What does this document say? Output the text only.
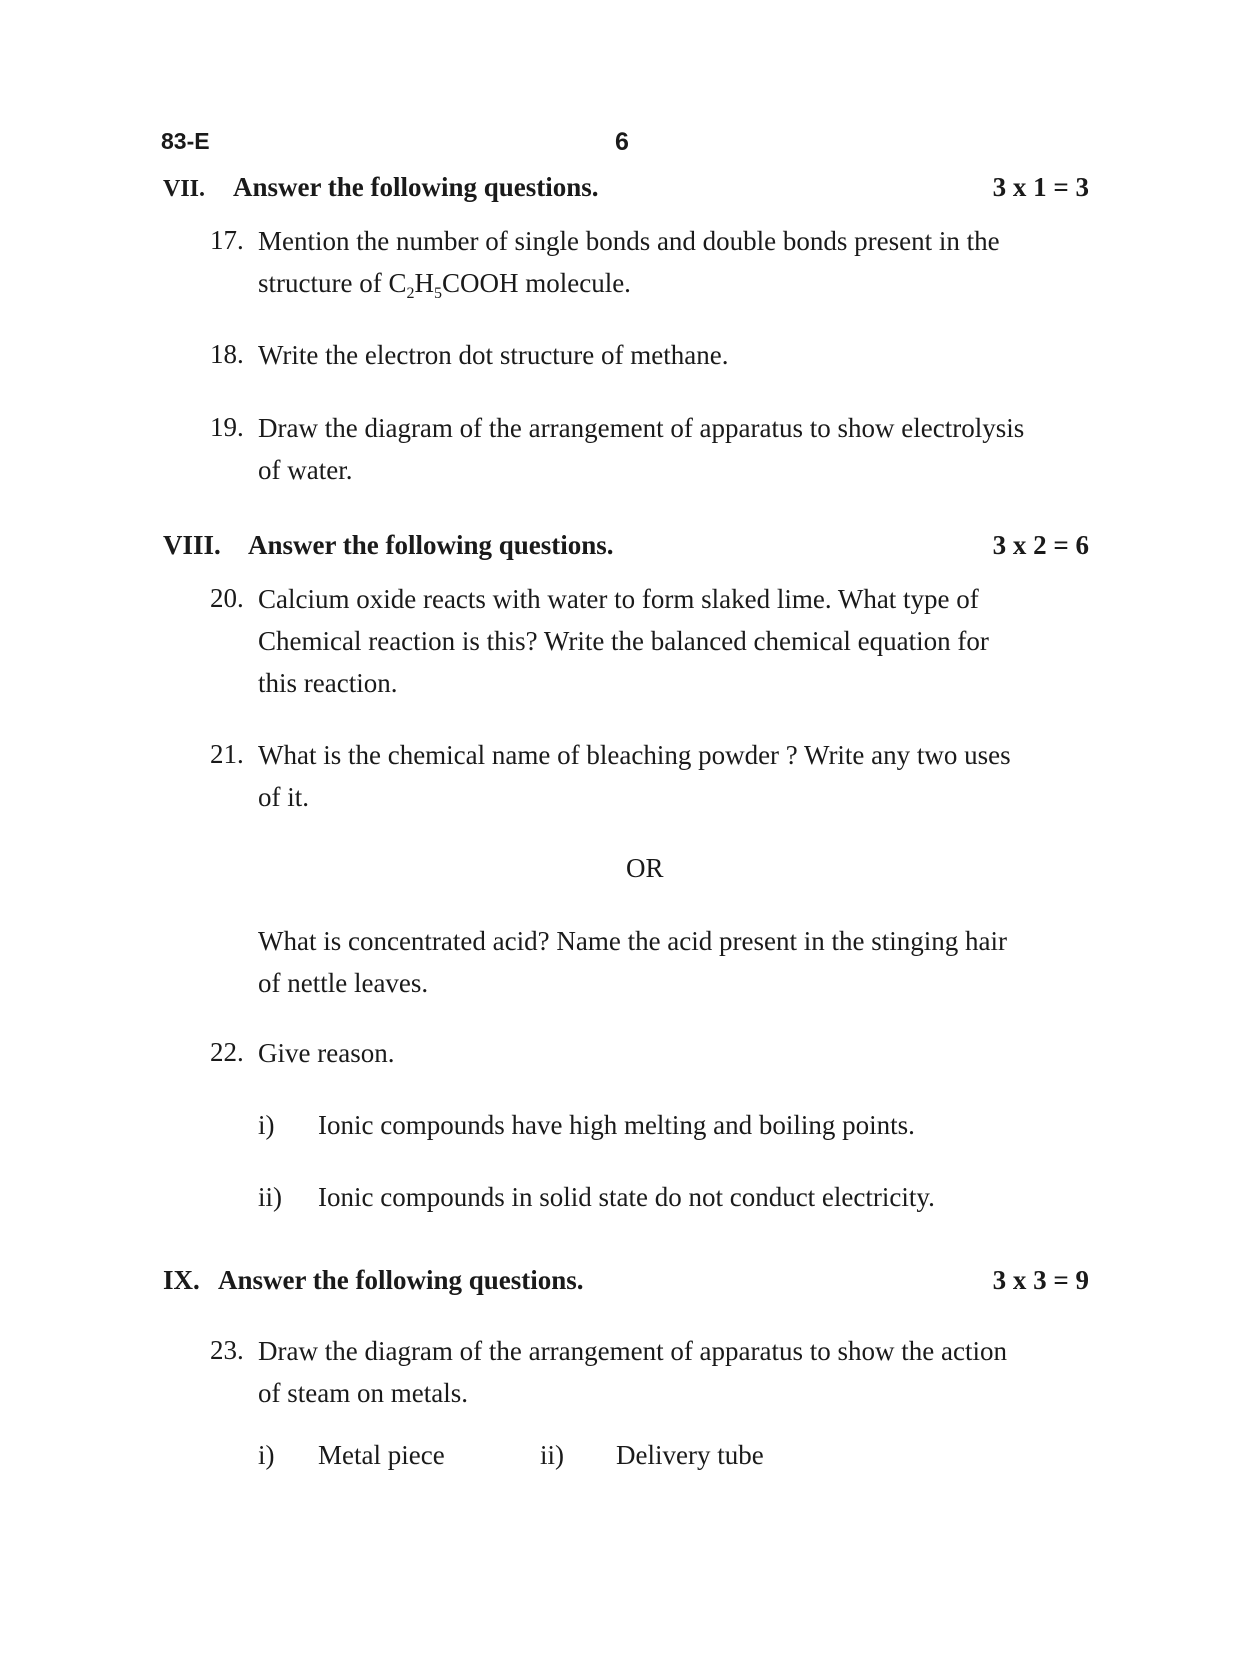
83-E	6
VII. Answer the following questions.	3 x 1 = 3
17. Mention the number of single bonds and double bonds present in the
structure of $C_2H_5COOH$ molecule.
18. Write the electron dot structure of methane.
19. Draw the diagram of the arrangement of apparatus to show electrolysis
of water.
VIII. Answer the following questions.	3 x 2 = 6
20. Calcium oxide reacts with water to form slaked lime. What type of
Chemical reaction is this? Write the balanced chemical equation for
this reaction.
21. What is the chemical name of bleaching powder ? Write any two uses
of it.
OR
What is concentrated acid? Name the acid present in the stinging hair
of nettle leaves.
22. Give reason.
i) Ionic compounds have high melting and boiling points.
ii) Ionic compounds in solid state do not conduct electricity.
IX. Answer the following questions.	3 x 3 = 9
23. Draw the diagram of the arrangement of apparatus to show the action
of steam on metals.
i) Metal piece	ii) Delivery tube
